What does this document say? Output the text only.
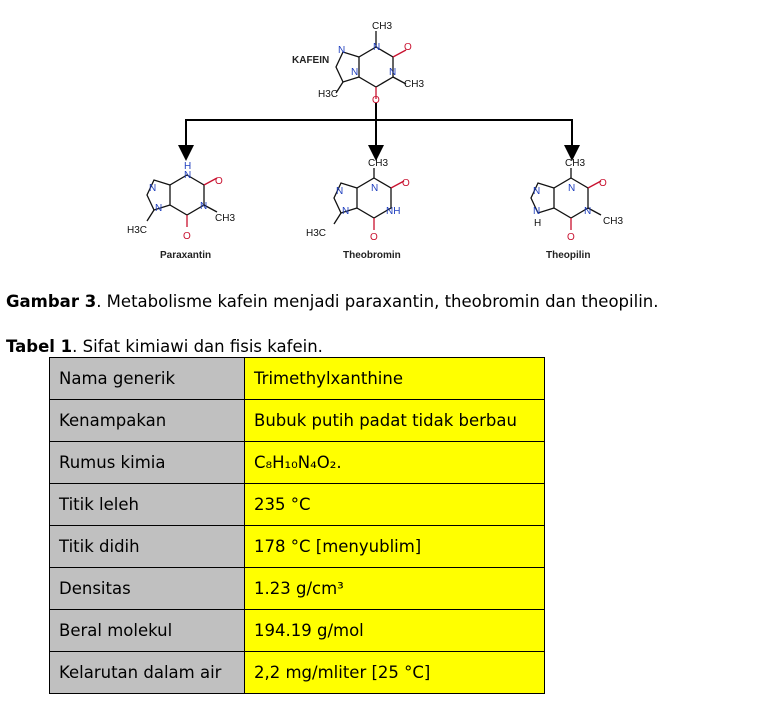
CH3
N O
N
CH3
N
N
H3C
O
KAFEIN
N
H
O
N
CH3
N
N
H3C
O
Paraxantin
CH3
N O
NH
N
N
H3C	O
Theobromin
CH3
N O
N
CH3
N
N
H
O
Theopilin
Gambar 3. Metabolisme kafein menjadi paraxantin, theobromin dan theopilin.
Tabel 1. Sifat kimiawi dan fisis kafein.
Nama generik	Trimethylxanthine
Kenampakan	Bubuk putih padat tidak berbau
Rumus kimia	C₈H₁₀N₄O₂.
Titik leleh	235 °C
Titik didih	178 °C [menyublim]
Densitas	1.23 g/cm³
Beral molekul	194.19 g/mol
Kelarutan dalam air	2,2 mg/mliter [25 °C]
